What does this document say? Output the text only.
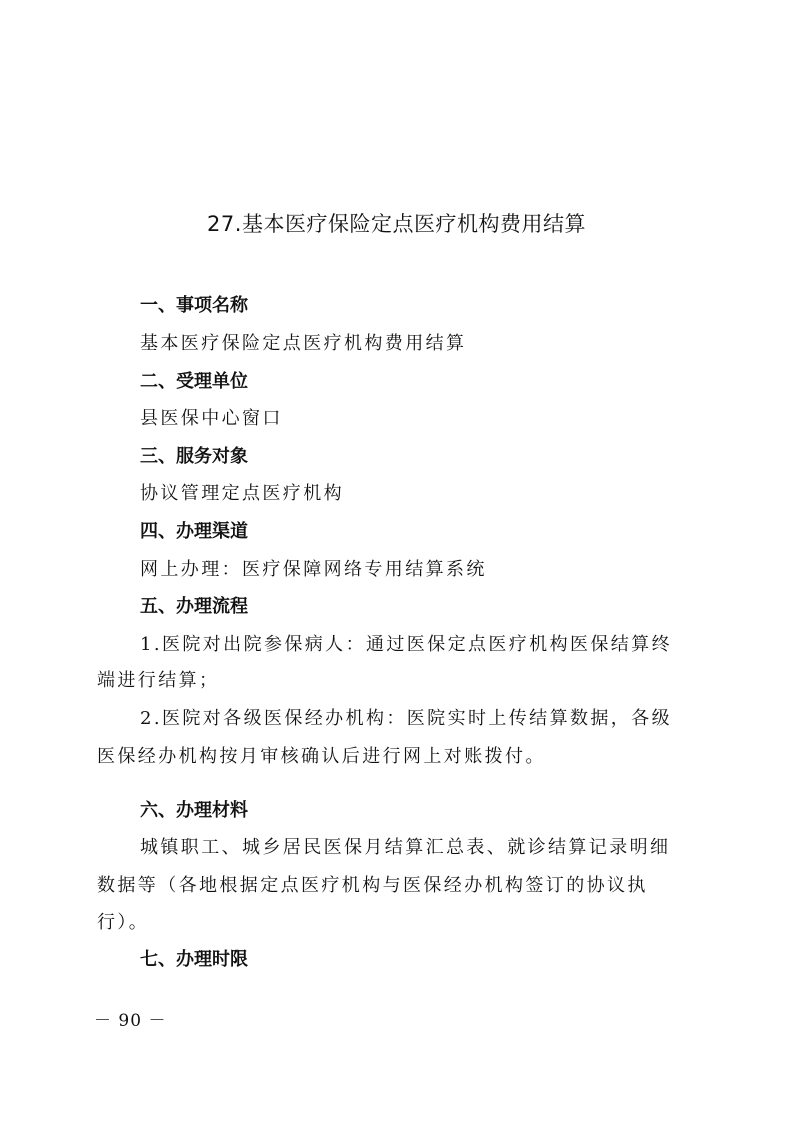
27.基本医疗保险定点医疗机构费用结算
一、事项名称
基本医疗保险定点医疗机构费用结算
二、受理单位
县医保中心窗口
三、服务对象
协议管理定点医疗机构
四、办理渠道
网上办理：医疗保障网络专用结算系统
五、办理流程
1.医院对出院参保病人：通过医保定点医疗机构医保结算终
端进行结算；
2.医院对各级医保经办机构：医院实时上传结算数据，各级
医保经办机构按月审核确认后进行网上对账拨付。
六、办理材料
城镇职工、城乡居民医保月结算汇总表、就诊结算记录明细
数据等（各地根据定点医疗机构与医保经办机构签订的协议执
行）。
七、办理时限
－ 90 －
